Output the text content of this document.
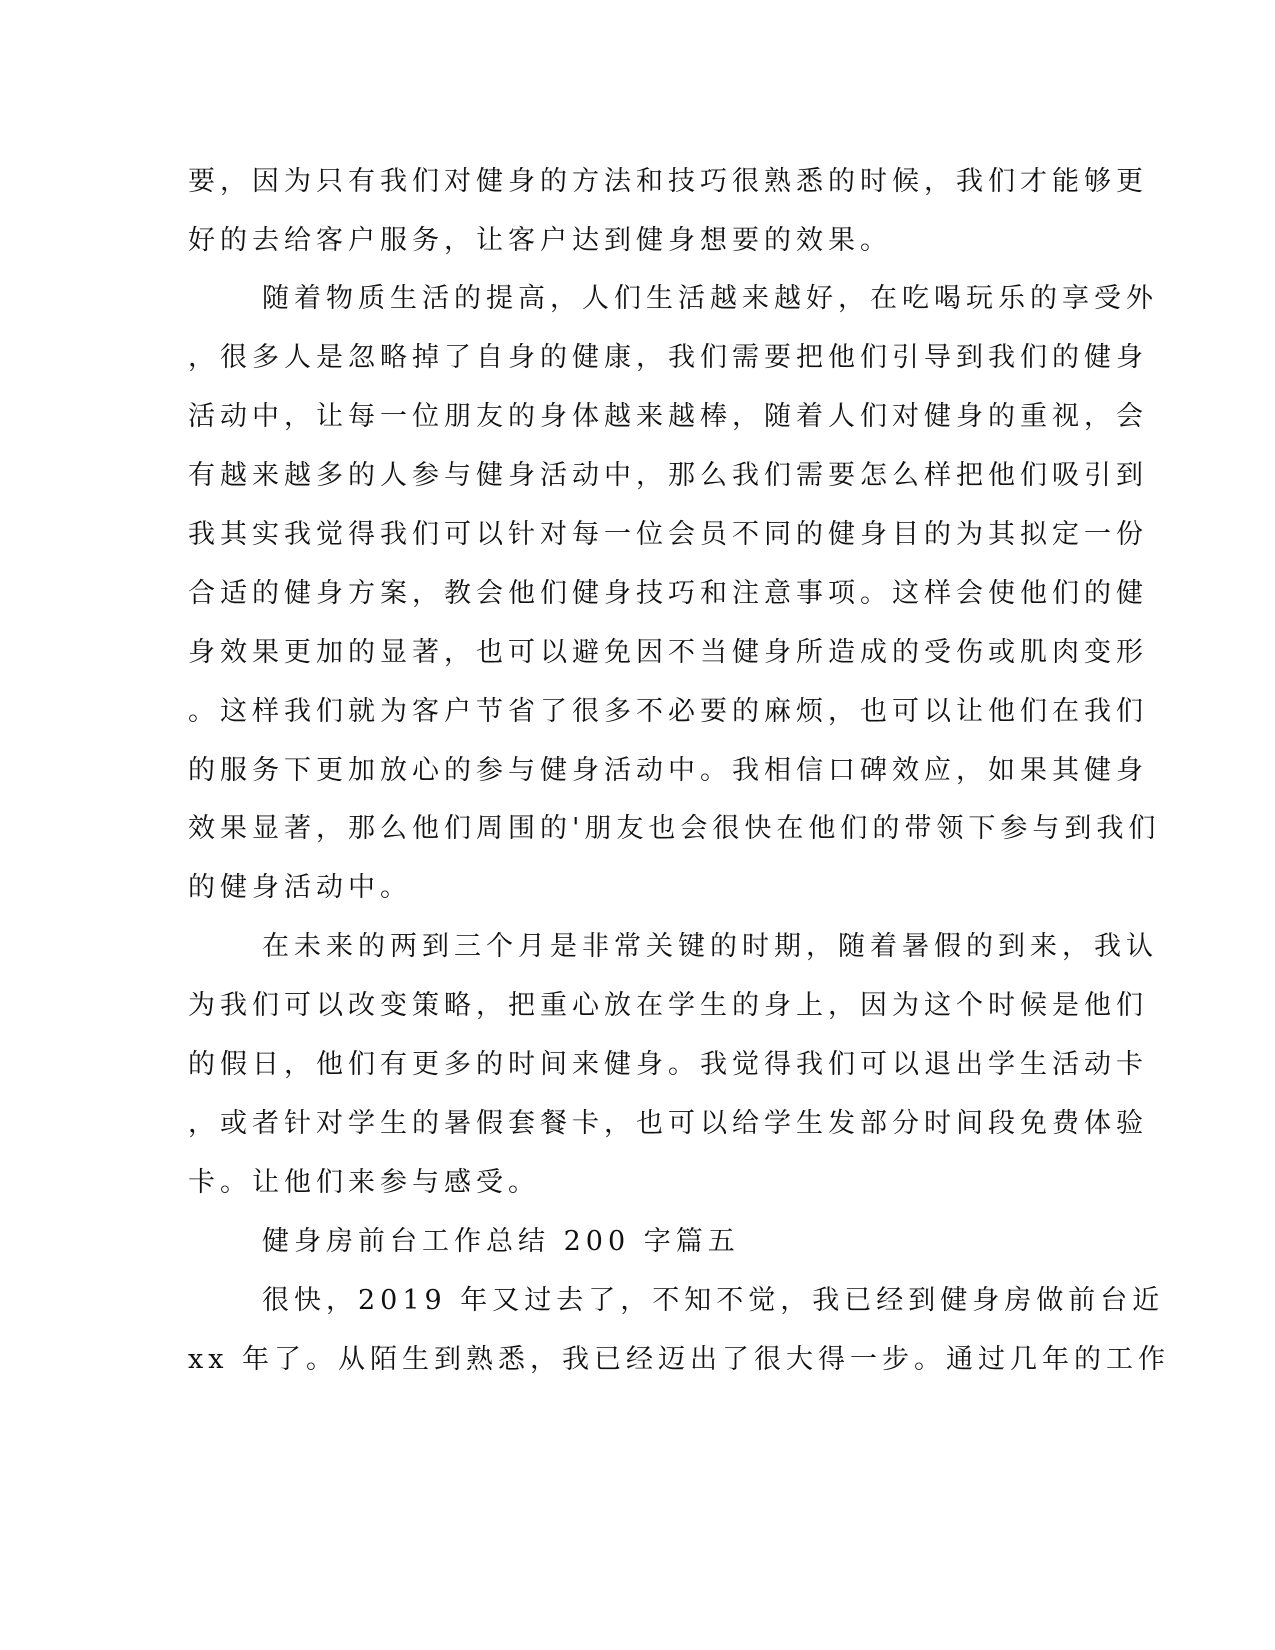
要，因为只有我们对健身的方法和技巧很熟悉的时候，我们才能够更
好的去给客户服务，让客户达到健身想要的效果。
随着物质生活的提高，人们生活越来越好，在吃喝玩乐的享受外
，很多人是忽略掉了自身的健康，我们需要把他们引导到我们的健身
活动中，让每一位朋友的身体越来越棒，随着人们对健身的重视，会
有越来越多的人参与健身活动中，那么我们需要怎么样把他们吸引到
我其实我觉得我们可以针对每一位会员不同的健身目的为其拟定一份
合适的健身方案，教会他们健身技巧和注意事项。这样会使他们的健
身效果更加的显著，也可以避免因不当健身所造成的受伤或肌肉变形
。这样我们就为客户节省了很多不必要的麻烦，也可以让他们在我们
的服务下更加放心的参与健身活动中。我相信口碑效应，如果其健身
效果显著，那么他们周围的'朋友也会很快在他们的带领下参与到我们
的健身活动中。
在未来的两到三个月是非常关键的时期，随着暑假的到来，我认
为我们可以改变策略，把重心放在学生的身上，因为这个时候是他们
的假日，他们有更多的时间来健身。我觉得我们可以退出学生活动卡
，或者针对学生的暑假套餐卡，也可以给学生发部分时间段免费体验
卡。让他们来参与感受。
健身房前台工作总结 200 字篇五
很快，2019 年又过去了，不知不觉，我已经到健身房做前台近
xx 年了。从陌生到熟悉，我已经迈出了很大得一步。通过几年的工作
